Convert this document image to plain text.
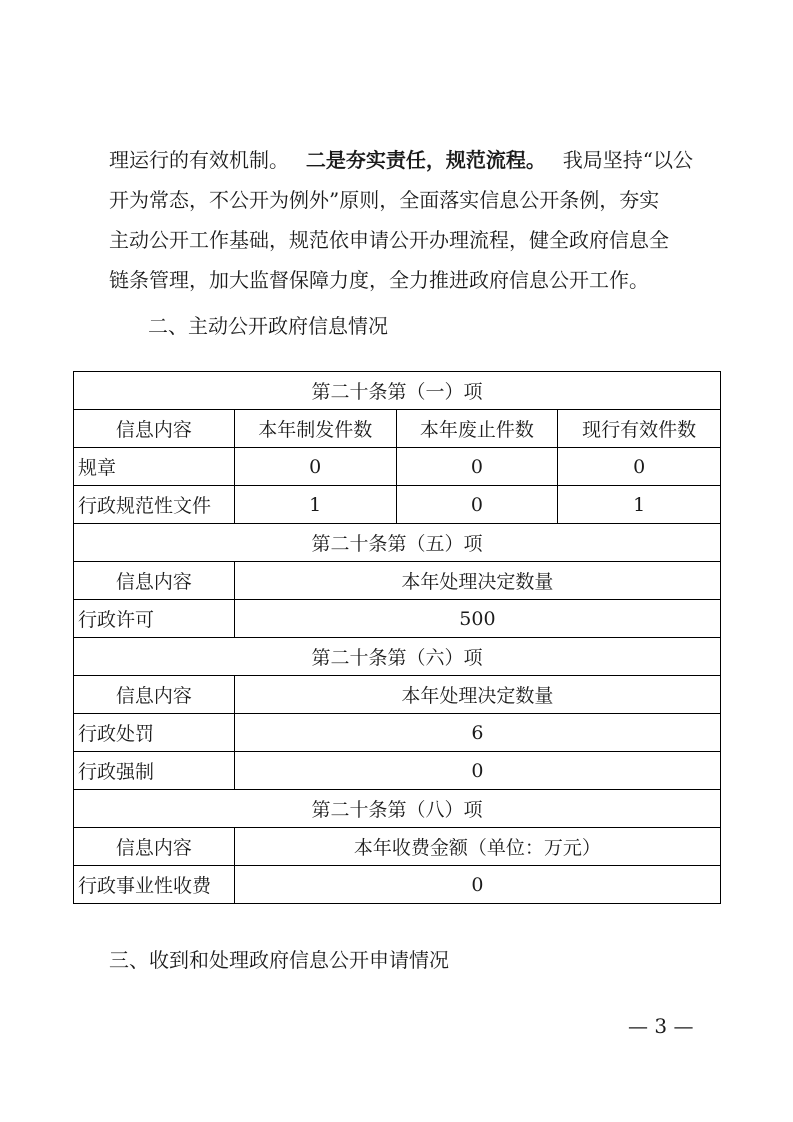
理运行的有效机制。 二是夯实责任，规范流程。 我局坚持“以公
开为常态，不公开为例外”原则，全面落实信息公开条例，夯实
主动公开工作基础，规范依申请公开办理流程，健全政府信息全
链条管理，加大监督保障力度，全力推进政府信息公开工作。
二、主动公开政府信息情况
第二十条第（一）项			
信息内容	本年制发件数	本年废止件数	现行有效件数
规章	0	0	0
行政规范性文件	1	0	1
第二十条第（五）项			
信息内容	本年处理决定数量		
行政许可	500		
第二十条第（六）项			
信息内容	本年处理决定数量		
行政处罚	6		
行政强制	0		
第二十条第（八）项			
信息内容	本年收费金额（单位：万元）		
行政事业性收费	0		
三、收到和处理政府信息公开申请情况
— 3 —
